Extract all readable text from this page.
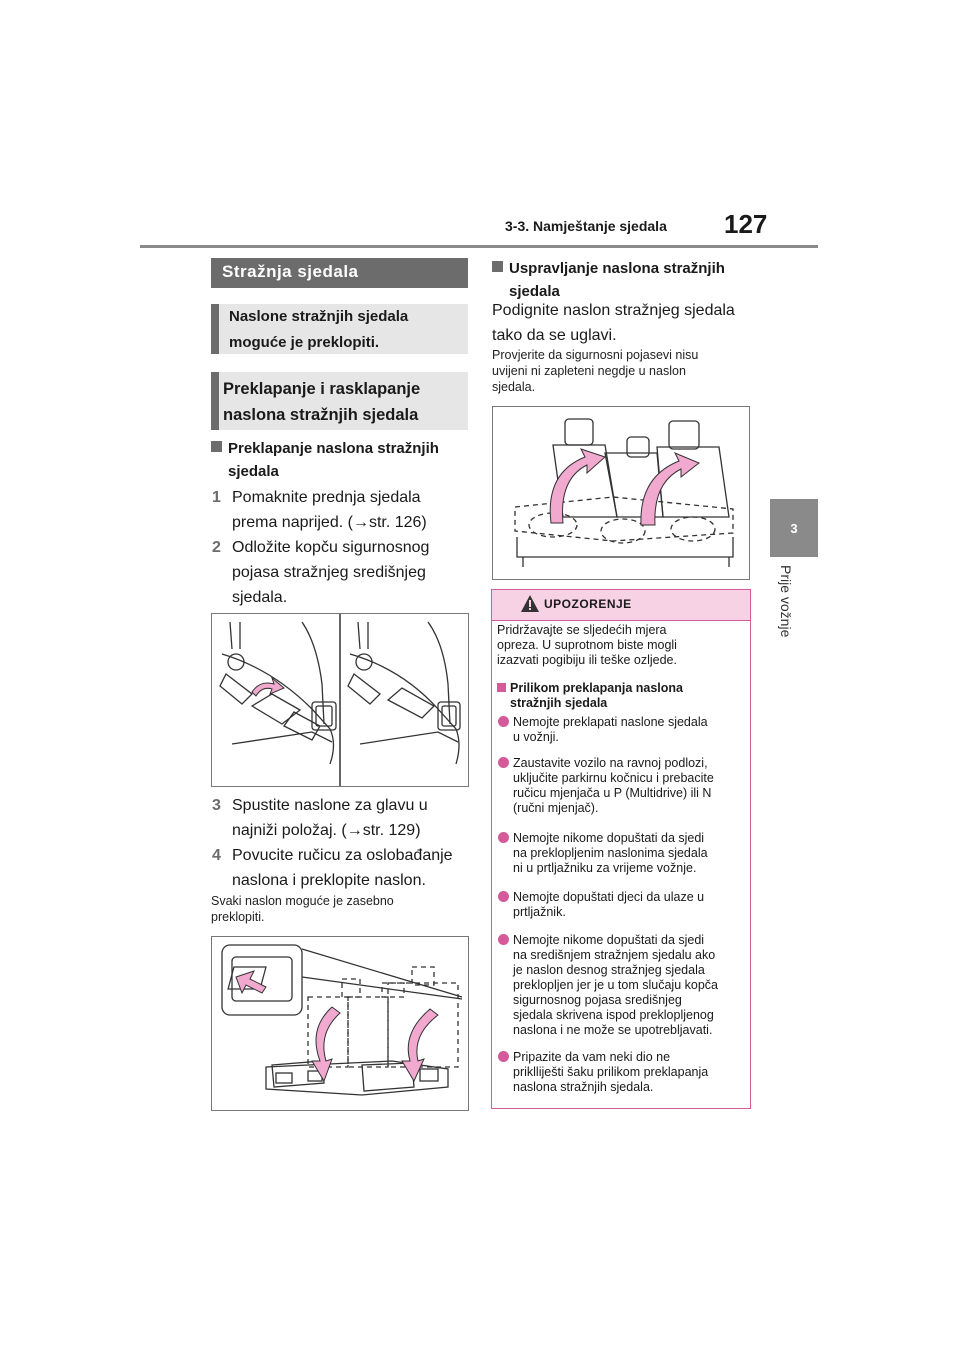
3-3. Namještanje sjedala 127
3
Prije vožnje
Stražnja sjedala
Naslone stražnjih sjedala
moguće je preklopiti.
Preklapanje i rasklapanje
naslona stražnjih sjedala
Preklapanje naslona stražnjih
sjedala
1 Pomaknite prednja sjedala
prema naprijed. (→str. 126)
2 Odložite kopču sigurnosnog
pojasa stražnjeg središnjeg
sjedala.
3 Spustite naslone za glavu u
najniži položaj. (→str. 129)
4 Povucite ručicu za oslobađanje
naslona i preklopite naslon.
Svaki naslon moguće je zasebno
preklopiti.
Uspravljanje naslona stražnjih
sjedala
Podignite naslon stražnjeg sjedala
tako da se uglavi.
Provjerite da sigurnosni pojasevi nisu
uvijeni ni zapleteni negdje u naslon
sjedala.
UPOZORENJE
Pridržavajte se sljedećih mjera
opreza. U suprotnom biste mogli
izazvati pogibiju ili teške ozljede.
Prilikom preklapanja naslona
stražnjih sjedala
Nemojte preklapati naslone sjedala
u vožnji.
Zaustavite vozilo na ravnoj podlozi,
uključite parkirnu kočnicu i prebacite
ručicu mjenjača u P (Multidrive) ili N
(ručni mjenjač).
Nemojte nikome dopuštati da sjedi
na preklopljenim naslonima sjedala
ni u prtljažniku za vrijeme vožnje.
Nemojte dopuštati djeci da ulaze u
prtljažnik.
Nemojte nikome dopuštati da sjedi
na središnjem stražnjem sjedalu ako
je naslon desnog stražnjeg sjedala
preklopljen jer je u tom slučaju kopča
sigurnosnog pojasa središnjeg
sjedala skrivena ispod preklopljenog
naslona i ne može se upotrebljavati.
Pripazite da vam neki dio ne
priklliješti šaku prilikom preklapanja
naslona stražnjih sjedala.
